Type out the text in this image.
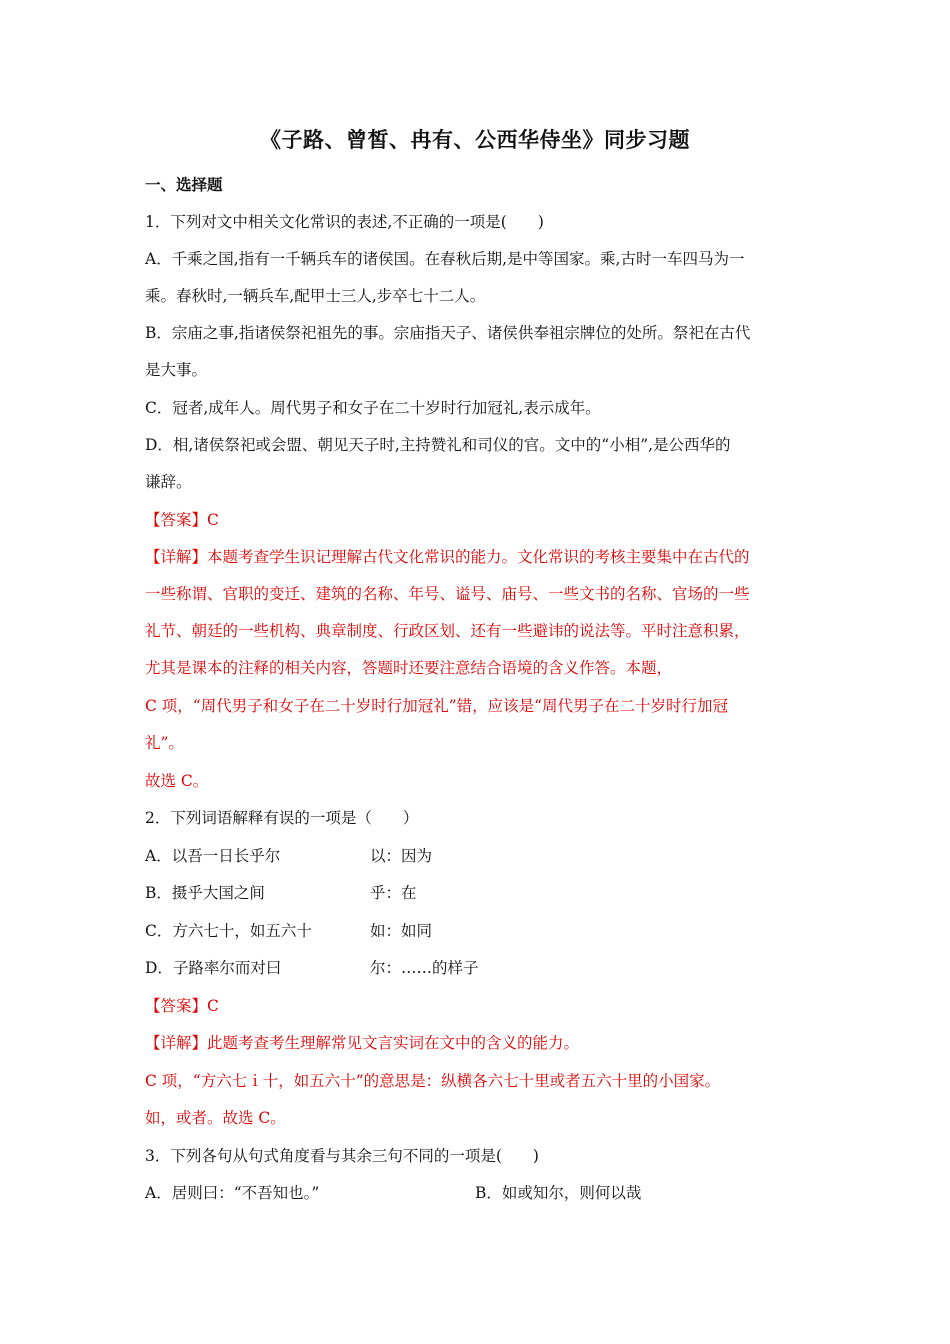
《子路、曾皙、冉有、公西华侍坐》同步习题
一、选择题
1．下列对文中相关文化常识的表述,不正确的一项是(　　)
A．千乘之国,指有一千辆兵车的诸侯国。在春秋后期,是中等国家。乘,古时一车四马为一
乘。春秋时,一辆兵车,配甲士三人,步卒七十二人。
B．宗庙之事,指诸侯祭祀祖先的事。宗庙指天子、诸侯供奉祖宗牌位的处所。祭祀在古代
是大事。
C．冠者,成年人。周代男子和女子在二十岁时行加冠礼,表示成年。
D．相,诸侯祭祀或会盟、朝见天子时,主持赞礼和司仪的官。文中的“小相”,是公西华的
谦辞。
【答案】C
【详解】本题考查学生识记理解古代文化常识的能力。文化常识的考核主要集中在古代的
一些称谓、官职的变迁、建筑的名称、年号、谥号、庙号、一些文书的名称、官场的一些
礼节、朝廷的一些机构、典章制度、行政区划、还有一些避讳的说法等。平时注意积累，
尤其是课本的注释的相关内容，答题时还要注意结合语境的含义作答。本题，
C 项，“周代男子和女子在二十岁时行加冠礼”错，应该是“周代男子在二十岁时行加冠
礼”。
故选 C。
2．下列词语解释有误的一项是（　　）
A．以吾一日长乎尔	以：因为
B．摄乎大国之间	乎：在
C．方六七十，如五六十	如：如同
D．子路率尔而对曰	尔：……的样子
【答案】C
【详解】此题考查考生理解常见文言实词在文中的含义的能力。
C 项，“方六七ｉ十，如五六十”的意思是：纵横各六七十里或者五六十里的小国家。
如，或者。故选 C。
3．下列各句从句式角度看与其余三句不同的一项是(　　)
A．居则曰：“不吾知也。”	B．如或知尔，则何以哉
